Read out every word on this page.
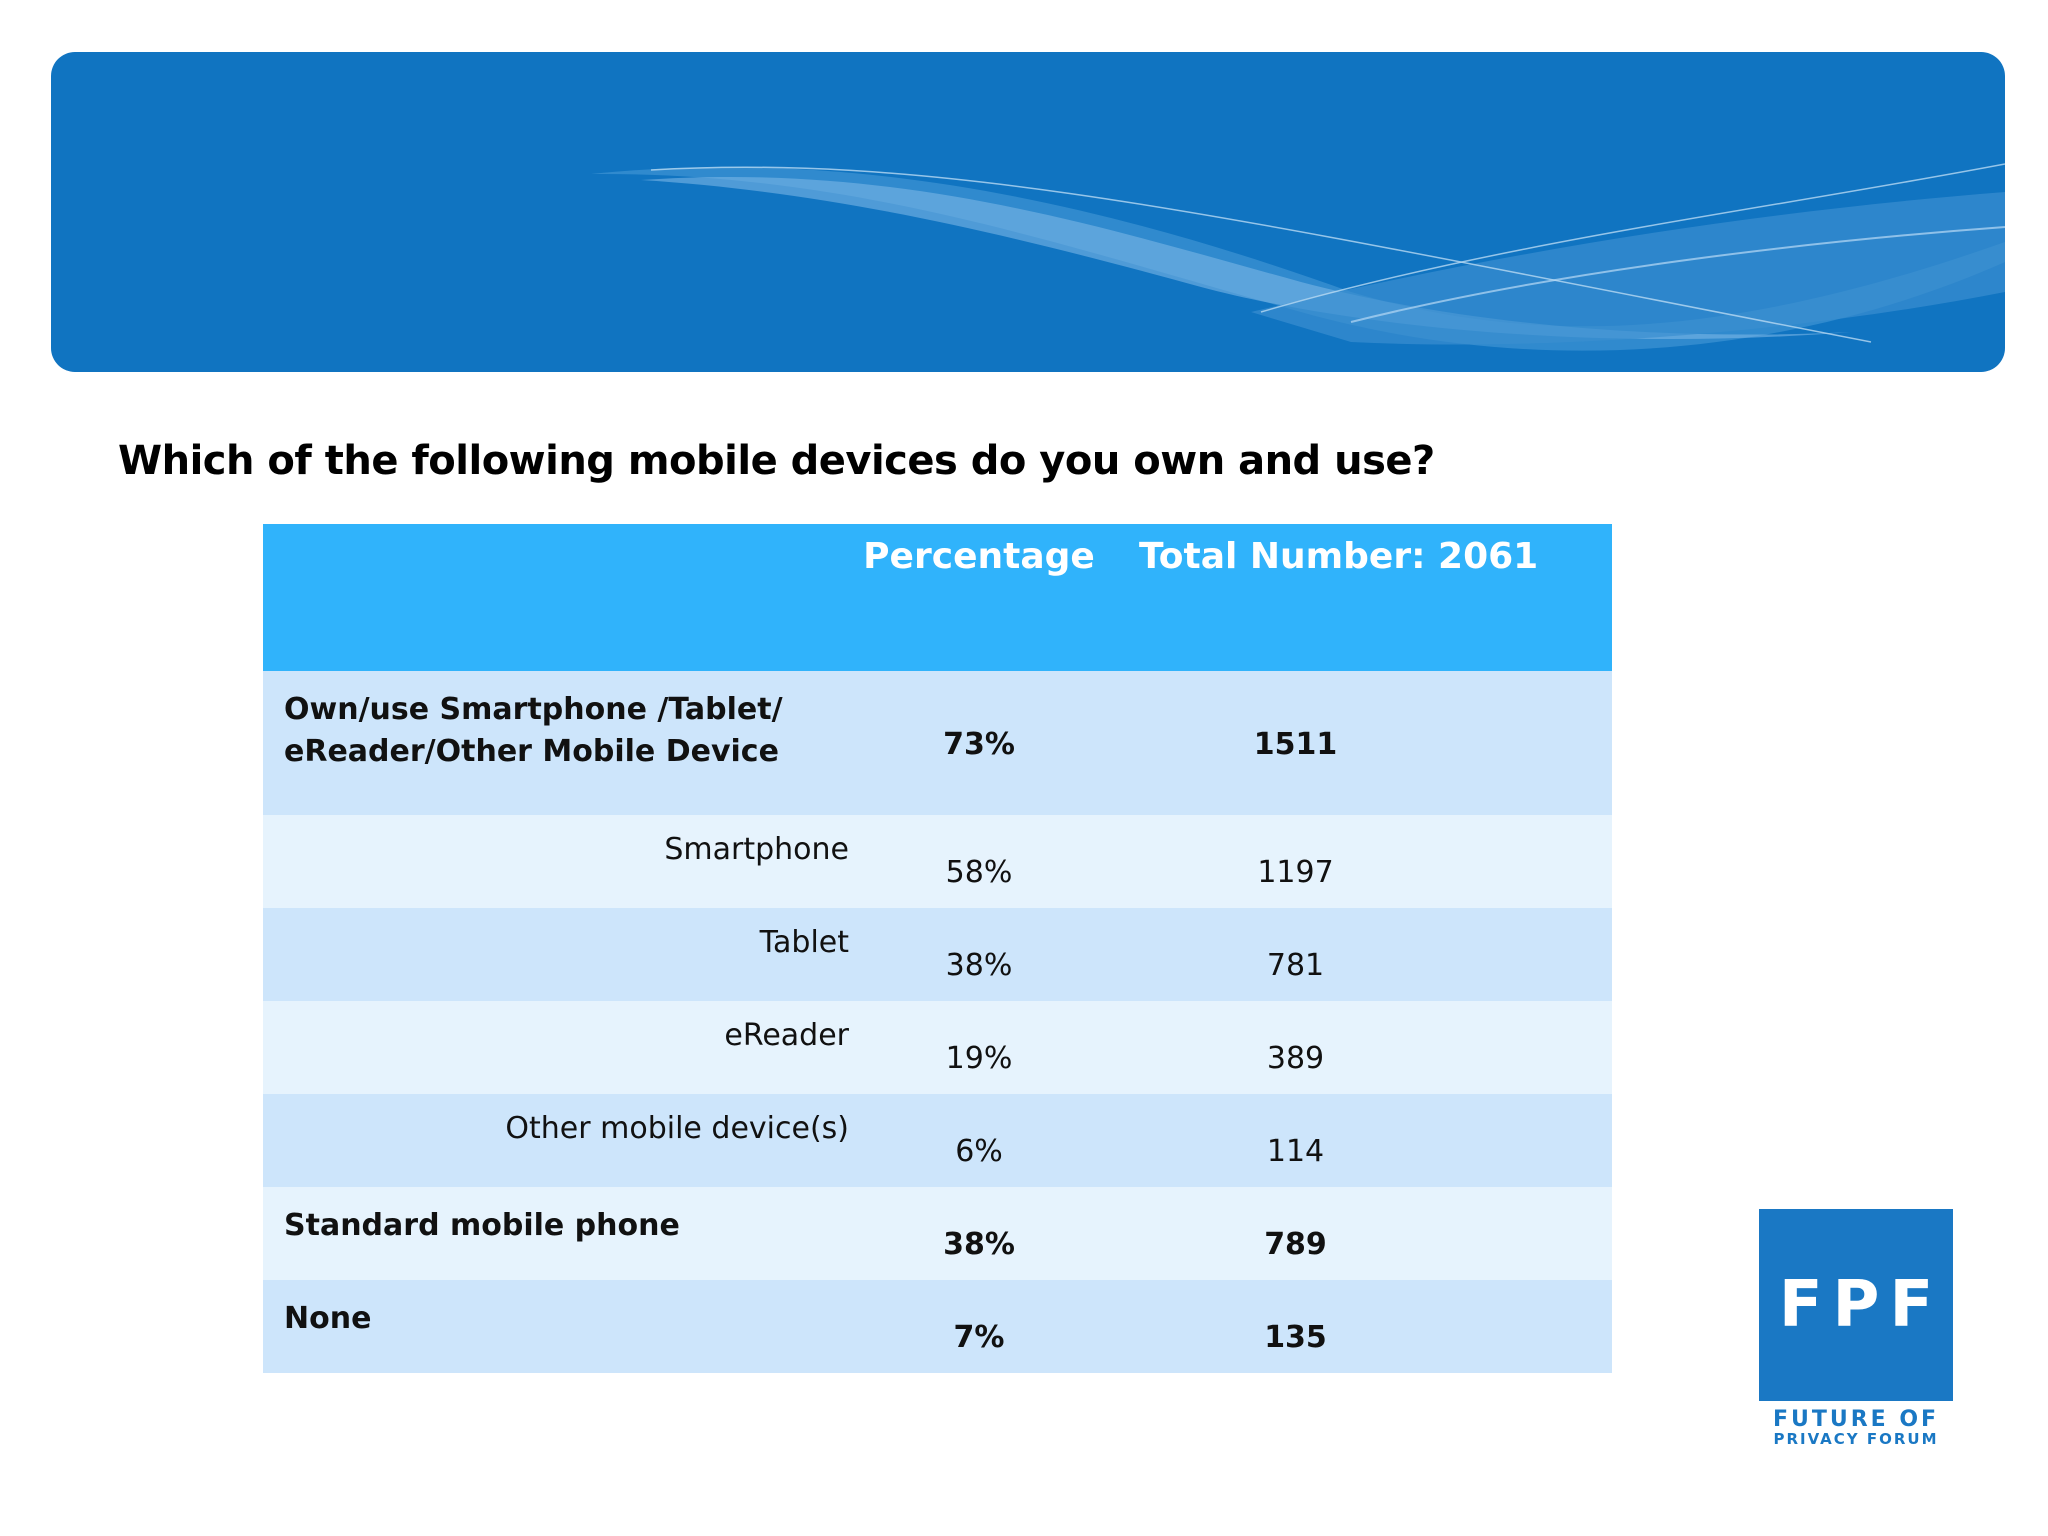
Which of the following mobile devices do you own and use?
	Percentage	Total Number: 2061
Own/use Smartphone /Tablet/ eReader/Other Mobile Device	73%	1511
Smartphone	58%	1197
Tablet	38%	781
eReader	19%	389
Other mobile device(s)	6%	114
Standard mobile phone	38%	789
None	7%	135	FPF
FUTURE OF
PRIVACY FORUM
